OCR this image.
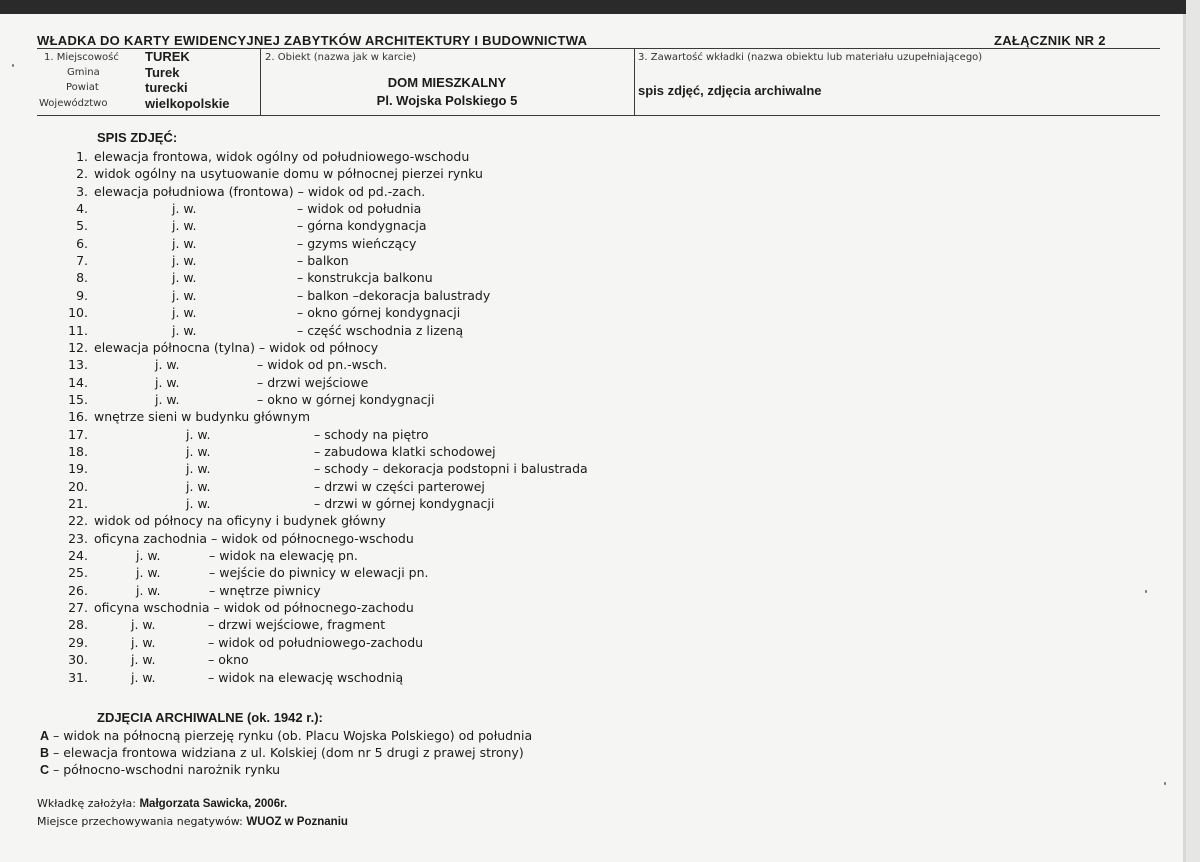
WŁADKA DO KARTY EWIDENCYJNEJ ZABYTKÓW ARCHITEKTURY I BUDOWNICTWA	ZAŁĄCZNIK NR 2
1. Miejscowość TUREK
Gmina	Turek
Powiat	turecki
Województwo	wielkopolskie
2. Obiekt (nazwa jak w karcie)
DOM MIESZKALNY
Pl. Wojska Polskiego 5
3. Zawartość wkładki (nazwa obiektu lub materiału uzupełniającego)
spis zdjęć, zdjęcia archiwalne
SPIS ZDJĘĆ:
1. elewacja frontowa, widok ogólny od południowego-wschodu
2. widok ogólny na usytuowanie domu w północnej pierzei rynku
3. elewacja południowa (frontowa) – widok od pd.-zach.
4.	j. w.	– widok od południa
5.	j. w.	– górna kondygnacja
6.	j. w.	– gzyms wieńczący
7.	j. w.	– balkon
8.	j. w.	– konstrukcja balkonu
9.	j. w.	– balkon –dekoracja balustrady
10.	j. w.	– okno górnej kondygnacji
11.	j. w.	– część wschodnia z lizeną
12. elewacja północna (tylna) – widok od północy
13.	j. w.	– widok od pn.-wsch.
14.	j. w.	– drzwi wejściowe
15.	j. w.	– okno w górnej kondygnacji
16. wnętrze sieni w budynku głównym
17.	j. w.	– schody na piętro
18.	j. w.	– zabudowa klatki schodowej
19.	j. w.	– schody – dekoracja podstopni i balustrada
20.	j. w.	– drzwi w części parterowej
21.	j. w.	– drzwi w górnej kondygnacji
22. widok od północy na oficyny i budynek główny
23. oficyna zachodnia – widok od północnego-wschodu
24.	j. w.	– widok na elewację pn.
25.	j. w.	– wejście do piwnicy w elewacji pn.
26.	j. w.	– wnętrze piwnicy
27. oficyna wschodnia – widok od północnego-zachodu
28.	j. w.	– drzwi wejściowe, fragment
29.	j. w.	– widok od południowego-zachodu
30.	j. w.	– okno
31.	j. w.	– widok na elewację wschodnią
ZDJĘCIA ARCHIWALNE (ok. 1942 r.):
A – widok na północną pierzeję rynku (ob. Placu Wojska Polskiego) od południa
B – elewacja frontowa widziana z ul. Kolskiej (dom nr 5 drugi z prawej strony)
C – północno-wschodni narożnik rynku
Wkładkę założyła: Małgorzata Sawicka, 2006r.
Miejsce przechowywania negatywów: WUOZ w Poznaniu
